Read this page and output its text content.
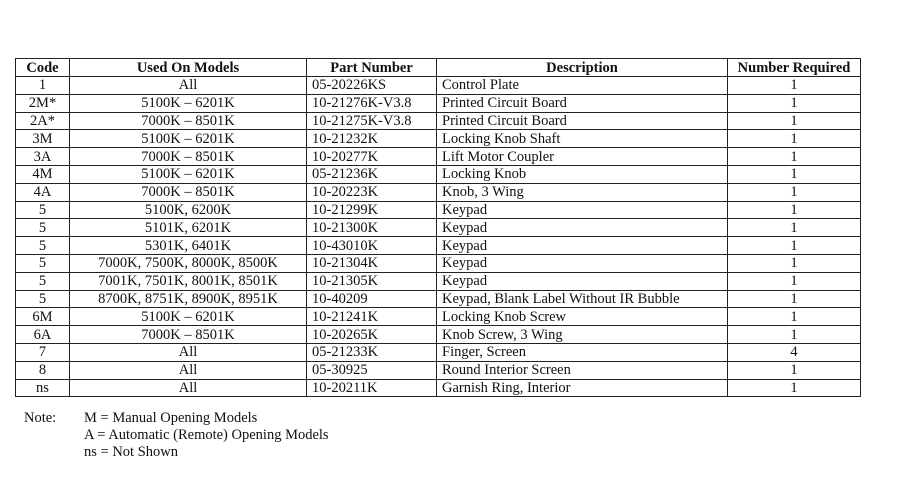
Code	Used On Models	Part Number	Description	Number Required
1	All	05-20226KS	Control Plate	1
2M*	5100K – 6201K	10-21276K-V3.8	Printed Circuit Board	1
2A*	7000K – 8501K	10-21275K-V3.8	Printed Circuit Board	1
3M	5100K – 6201K	10-21232K	Locking Knob Shaft	1
3A	7000K – 8501K	10-20277K	Lift Motor Coupler	1
4M	5100K – 6201K	05-21236K	Locking Knob	1
4A	7000K – 8501K	10-20223K	Knob, 3 Wing	1
5	5100K, 6200K	10-21299K	Keypad	1
5	5101K, 6201K	10-21300K	Keypad	1
5	5301K, 6401K	10-43010K	Keypad	1
5	7000K, 7500K, 8000K, 8500K	10-21304K	Keypad	1
5	7001K, 7501K, 8001K, 8501K	10-21305K	Keypad	1
5	8700K, 8751K, 8900K, 8951K	10-40209	Keypad, Blank Label Without IR Bubble	1
6M	5100K – 6201K	10-21241K	Locking Knob Screw	1
6A	7000K – 8501K	10-20265K	Knob Screw, 3 Wing	1
7	All	05-21233K	Finger, Screen	4
8	All	05-30925	Round Interior Screen	1
ns	All	10-20211K	Garnish Ring, Interior	1
Note: M = Manual Opening Models
A = Automatic (Remote) Opening Models
ns = Not Shown
